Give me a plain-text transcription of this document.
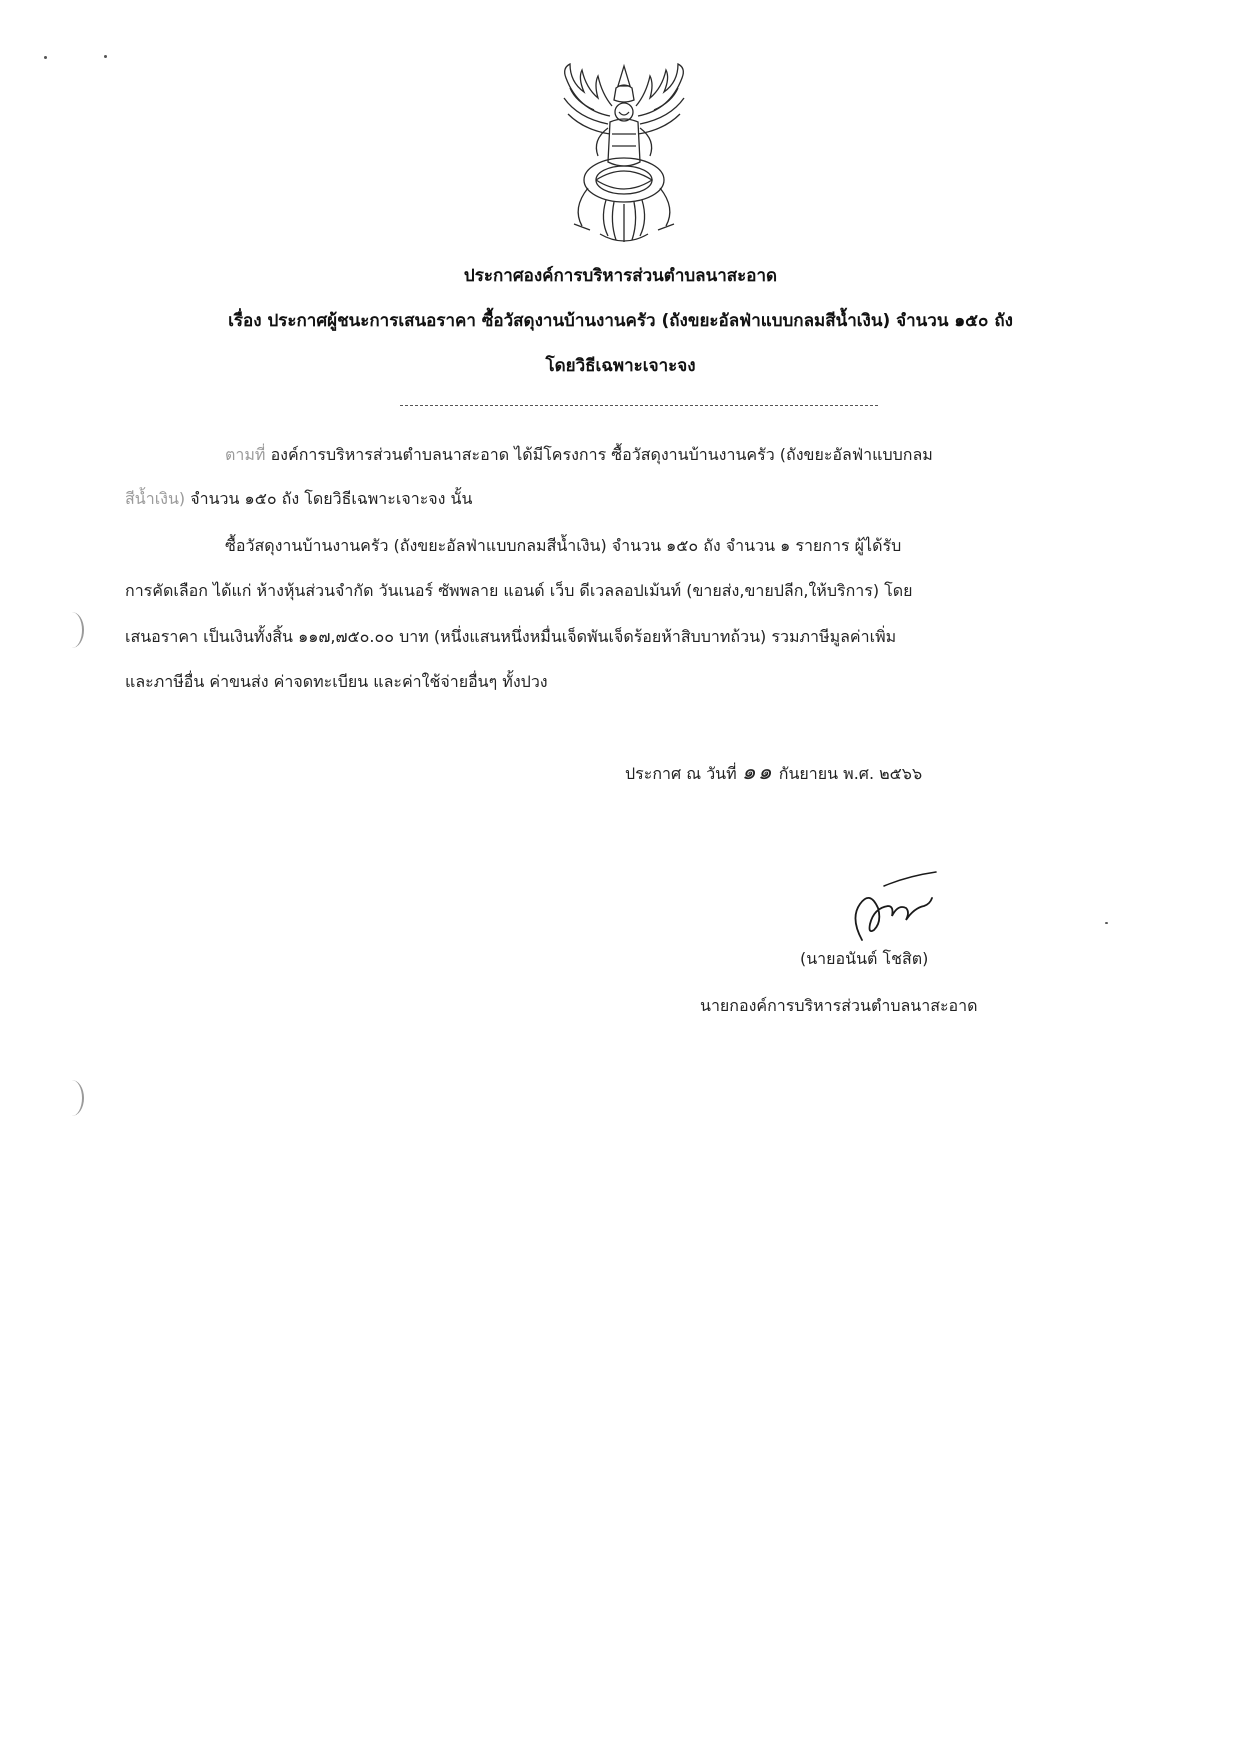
ประกาศองค์การบริหารส่วนตำบลนาสะอาด
เรื่อง ประกาศผู้ชนะการเสนอราคา ซื้อวัสดุงานบ้านงานครัว (ถังขยะอัลฟ่าแบบกลมสีน้ำเงิน) จำนวน ๑๕๐ ถัง
โดยวิธีเฉพาะเจาะจง
ตามที่ องค์การบริหารส่วนตำบลนาสะอาด ได้มีโครงการ ซื้อวัสดุงานบ้านงานครัว (ถังขยะอัลฟ่าแบบกลม
สีน้ำเงิน) จำนวน ๑๕๐ ถัง โดยวิธีเฉพาะเจาะจง นั้น
ซื้อวัสดุงานบ้านงานครัว (ถังขยะอัลฟ่าแบบกลมสีน้ำเงิน) จำนวน ๑๕๐ ถัง จำนวน ๑ รายการ ผู้ได้รับ
การคัดเลือก ได้แก่ ห้างหุ้นส่วนจำกัด วันเนอร์ ซัพพลาย แอนด์ เว็บ ดีเวลลอปเม้นท์ (ขายส่ง,ขายปลีก,ให้บริการ) โดย
เสนอราคา เป็นเงินทั้งสิ้น ๑๑๗,๗๕๐.๐๐ บาท (หนึ่งแสนหนึ่งหมื่นเจ็ดพันเจ็ดร้อยห้าสิบบาทถ้วน) รวมภาษีมูลค่าเพิ่ม
และภาษีอื่น ค่าขนส่ง ค่าจดทะเบียน และค่าใช้จ่ายอื่นๆ ทั้งปวง
ประกาศ ณ วันที่ ๑๑ กันยายน พ.ศ. ๒๕๖๖
(นายอนันต์ โชสิต)
นายกองค์การบริหารส่วนตำบลนาสะอาด
